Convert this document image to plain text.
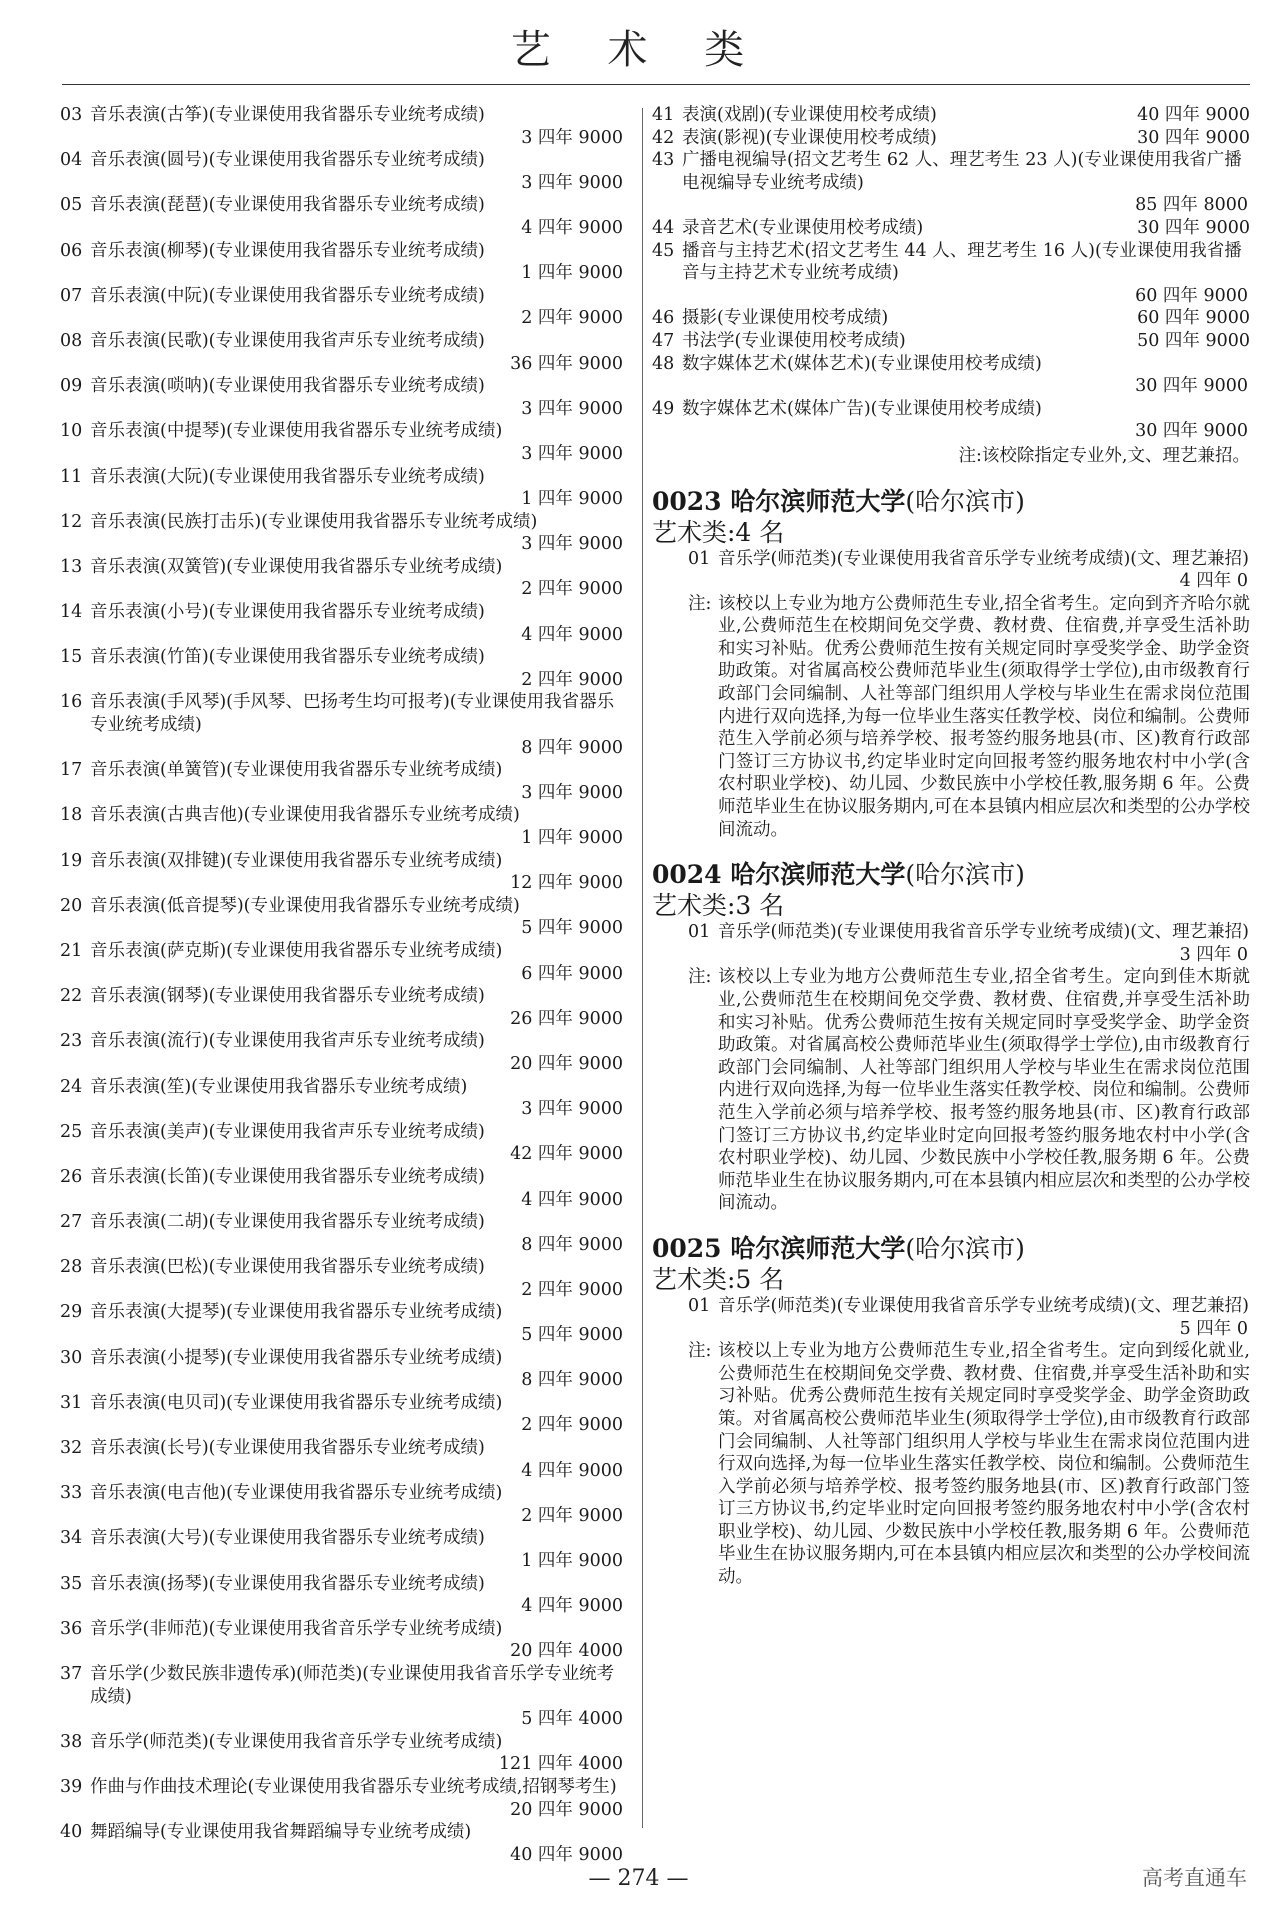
艺 术 类
03 音乐表演(古筝)(专业课使用我省器乐专业统考成绩)
3 四年 9000
04 音乐表演(圆号)(专业课使用我省器乐专业统考成绩)
3 四年 9000
05 音乐表演(琵琶)(专业课使用我省器乐专业统考成绩)
4 四年 9000
06 音乐表演(柳琴)(专业课使用我省器乐专业统考成绩)
1 四年 9000
07 音乐表演(中阮)(专业课使用我省器乐专业统考成绩)
2 四年 9000
08 音乐表演(民歌)(专业课使用我省声乐专业统考成绩)
36 四年 9000
09 音乐表演(唢呐)(专业课使用我省器乐专业统考成绩)
3 四年 9000
10 音乐表演(中提琴)(专业课使用我省器乐专业统考成绩)
3 四年 9000
11 音乐表演(大阮)(专业课使用我省器乐专业统考成绩)
1 四年 9000
12 音乐表演(民族打击乐)(专业课使用我省器乐专业统考成绩)
3 四年 9000
13 音乐表演(双簧管)(专业课使用我省器乐专业统考成绩)
2 四年 9000
14 音乐表演(小号)(专业课使用我省器乐专业统考成绩)
4 四年 9000
15 音乐表演(竹笛)(专业课使用我省器乐专业统考成绩)
2 四年 9000
16 音乐表演(手风琴)(手风琴、巴扬考生均可报考)(专业课使用我省器乐专业统考成绩)
8 四年 9000
17 音乐表演(单簧管)(专业课使用我省器乐专业统考成绩)
3 四年 9000
18 音乐表演(古典吉他)(专业课使用我省器乐专业统考成绩)
1 四年 9000
19 音乐表演(双排键)(专业课使用我省器乐专业统考成绩)
12 四年 9000
20 音乐表演(低音提琴)(专业课使用我省器乐专业统考成绩)
5 四年 9000
21 音乐表演(萨克斯)(专业课使用我省器乐专业统考成绩)
6 四年 9000
22 音乐表演(钢琴)(专业课使用我省器乐专业统考成绩)
26 四年 9000
23 音乐表演(流行)(专业课使用我省声乐专业统考成绩)
20 四年 9000
24 音乐表演(笙)(专业课使用我省器乐专业统考成绩)
3 四年 9000
25 音乐表演(美声)(专业课使用我省声乐专业统考成绩)
42 四年 9000
26 音乐表演(长笛)(专业课使用我省器乐专业统考成绩)
4 四年 9000
27 音乐表演(二胡)(专业课使用我省器乐专业统考成绩)
8 四年 9000
28 音乐表演(巴松)(专业课使用我省器乐专业统考成绩)
2 四年 9000
29 音乐表演(大提琴)(专业课使用我省器乐专业统考成绩)
5 四年 9000
30 音乐表演(小提琴)(专业课使用我省器乐专业统考成绩)
8 四年 9000
31 音乐表演(电贝司)(专业课使用我省器乐专业统考成绩)
2 四年 9000
32 音乐表演(长号)(专业课使用我省器乐专业统考成绩)
4 四年 9000
33 音乐表演(电吉他)(专业课使用我省器乐专业统考成绩)
2 四年 9000
34 音乐表演(大号)(专业课使用我省器乐专业统考成绩)
1 四年 9000
35 音乐表演(扬琴)(专业课使用我省器乐专业统考成绩)
4 四年 9000
36 音乐学(非师范)(专业课使用我省音乐学专业统考成绩)
20 四年 4000
37 音乐学(少数民族非遗传承)(师范类)(专业课使用我省音乐学专业统考成绩)
5 四年 4000
38 音乐学(师范类)(专业课使用我省音乐学专业统考成绩)
121 四年 4000
39 作曲与作曲技术理论(专业课使用我省器乐专业统考成绩,招钢琴考生)
20 四年 9000
40 舞蹈编导(专业课使用我省舞蹈编导专业统考成绩)
40 四年 9000
41 表演(戏剧)(专业课使用校考成绩)	40 四年 9000
42 表演(影视)(专业课使用校考成绩)	30 四年 9000
43 广播电视编导(招文艺考生 62 人、理艺考生 23 人)(专业课使用我省广播电视编导专业统考成绩)
85 四年 8000
44 录音艺术(专业课使用校考成绩)	30 四年 9000
45 播音与主持艺术(招文艺考生 44 人、理艺考生 16 人)(专业课使用我省播音与主持艺术专业统考成绩)
60 四年 9000
46 摄影(专业课使用校考成绩)	60 四年 9000
47 书法学(专业课使用校考成绩)	50 四年 9000
48 数字媒体艺术(媒体艺术)(专业课使用校考成绩)
30 四年 9000
49 数字媒体艺术(媒体广告)(专业课使用校考成绩)
30 四年 9000
注:该校除指定专业外,文、理艺兼招。
0023 哈尔滨师范大学(哈尔滨市)
艺术类:4 名
01 音乐学(师范类)(专业课使用我省音乐学专业统考成绩)(文、理艺兼招)
4 四年 0
注: 该校以上专业为地方公费师范生专业,招全省考生。定向到齐齐哈尔就业,公费师范生在校期间免交学费、教材费、住宿费,并享受生活补助和实习补贴。优秀公费师范生按有关规定同时享受奖学金、助学金资助政策。对省属高校公费师范毕业生(须取得学士学位),由市级教育行政部门会同编制、人社等部门组织用人学校与毕业生在需求岗位范围内进行双向选择,为每一位毕业生落实任教学校、岗位和编制。公费师范生入学前必须与培养学校、报考签约服务地县(市、区)教育行政部门签订三方协议书,约定毕业时定向回报考签约服务地农村中小学(含农村职业学校)、幼儿园、少数民族中小学校任教,服务期 6 年。公费师范毕业生在协议服务期内,可在本县镇内相应层次和类型的公办学校间流动。
0024 哈尔滨师范大学(哈尔滨市)
艺术类:3 名
01 音乐学(师范类)(专业课使用我省音乐学专业统考成绩)(文、理艺兼招)
3 四年 0
注: 该校以上专业为地方公费师范生专业,招全省考生。定向到佳木斯就业,公费师范生在校期间免交学费、教材费、住宿费,并享受生活补助和实习补贴。优秀公费师范生按有关规定同时享受奖学金、助学金资助政策。对省属高校公费师范毕业生(须取得学士学位),由市级教育行政部门会同编制、人社等部门组织用人学校与毕业生在需求岗位范围内进行双向选择,为每一位毕业生落实任教学校、岗位和编制。公费师范生入学前必须与培养学校、报考签约服务地县(市、区)教育行政部门签订三方协议书,约定毕业时定向回报考签约服务地农村中小学(含农村职业学校)、幼儿园、少数民族中小学校任教,服务期 6 年。公费师范毕业生在协议服务期内,可在本县镇内相应层次和类型的公办学校间流动。
0025 哈尔滨师范大学(哈尔滨市)
艺术类:5 名
01 音乐学(师范类)(专业课使用我省音乐学专业统考成绩)(文、理艺兼招)
5 四年 0
注: 该校以上专业为地方公费师范生专业,招全省考生。定向到绥化就业,公费师范生在校期间免交学费、教材费、住宿费,并享受生活补助和实习补贴。优秀公费师范生按有关规定同时享受奖学金、助学金资助政策。对省属高校公费师范毕业生(须取得学士学位),由市级教育行政部门会同编制、人社等部门组织用人学校与毕业生在需求岗位范围内进行双向选择,为每一位毕业生落实任教学校、岗位和编制。公费师范生入学前必须与培养学校、报考签约服务地县(市、区)教育行政部门签订三方协议书,约定毕业时定向回报考签约服务地农村中小学(含农村职业学校)、幼儿园、少数民族中小学校任教,服务期 6 年。公费师范毕业生在协议服务期内,可在本县镇内相应层次和类型的公办学校间流动。
— 274 —	高考直通车
